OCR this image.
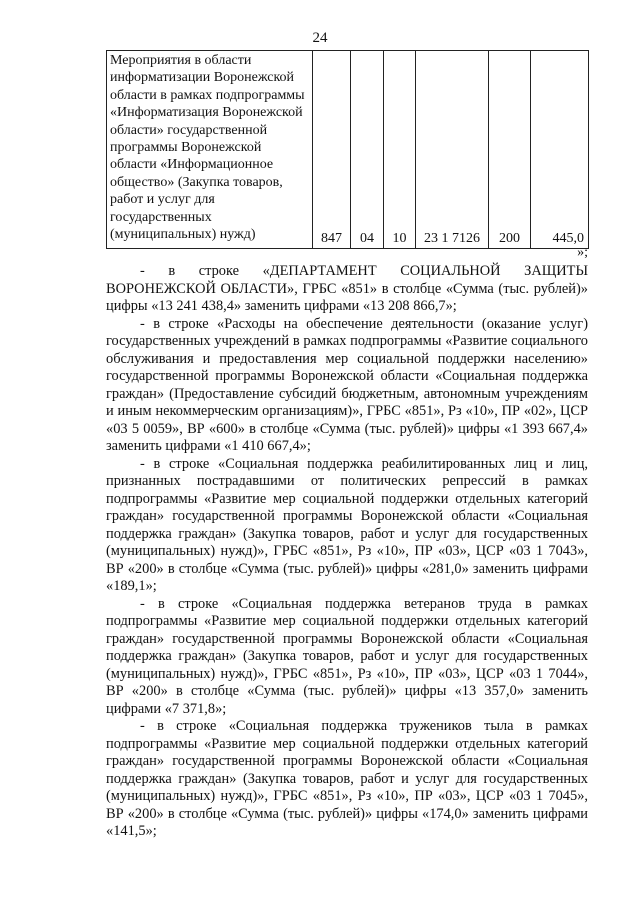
24
Мероприятия в области информатизации Воронежской области в рамках подпрограммы «Информатизация Воронежской области» государственной программы Воронежской области «Информационное общество» (Закупка товаров, работ и услуг для государственных (муниципальных) нужд)	847	04	10	23 1 7126	200	445,0
»;

- в строке «ДЕПАРТАМЕНТ СОЦИАЛЬНОЙ ЗАЩИТЫ ВОРОНЕЖСКОЙ ОБЛАСТИ», ГРБС «851» в столбце «Сумма (тыс. рублей)» цифры «13 241 438,4» заменить цифрами «13 208 866,7»;

- в строке «Расходы на обеспечение деятельности (оказание услуг) государственных учреждений в рамках подпрограммы «Развитие социального обслуживания и предоставления мер социальной поддержки населению» государственной программы Воронежской области «Социальная поддержка граждан» (Предоставление субсидий бюджетным, автономным учреждениям и иным некоммерческим организациям)», ГРБС «851», Рз «10», ПР «02», ЦСР «03 5 0059», ВР «600» в столбце «Сумма (тыс. рублей)» цифры «1 393 667,4» заменить цифрами «1 410 667,4»;

- в строке «Социальная поддержка реабилитированных лиц и лиц, признанных пострадавшими от политических репрессий в рамках подпрограммы «Развитие мер социальной поддержки отдельных категорий граждан» государственной программы Воронежской области «Социальная поддержка граждан» (Закупка товаров, работ и услуг для государственных (муниципальных) нужд)», ГРБС «851», Рз «10», ПР «03», ЦСР «03 1 7043», ВР «200» в столбце «Сумма (тыс. рублей)» цифры «281,0» заменить цифрами «189,1»;

- в строке «Социальная поддержка ветеранов труда в рамках подпрограммы «Развитие мер социальной поддержки отдельных категорий граждан» государственной программы Воронежской области «Социальная поддержка граждан» (Закупка товаров, работ и услуг для государственных (муниципальных) нужд)», ГРБС «851», Рз «10», ПР «03», ЦСР «03 1 7044», ВР «200» в столбце «Сумма (тыс. рублей)» цифры «13 357,0» заменить цифрами «7 371,8»;

- в строке «Социальная поддержка тружеников тыла в рамках подпрограммы «Развитие мер социальной поддержки отдельных категорий граждан» государственной программы Воронежской области «Социальная поддержка граждан» (Закупка товаров, работ и услуг для государственных (муниципальных) нужд)», ГРБС «851», Рз «10», ПР «03», ЦСР «03 1 7045», ВР «200» в столбце «Сумма (тыс. рублей)» цифры «174,0» заменить цифрами «141,5»;
